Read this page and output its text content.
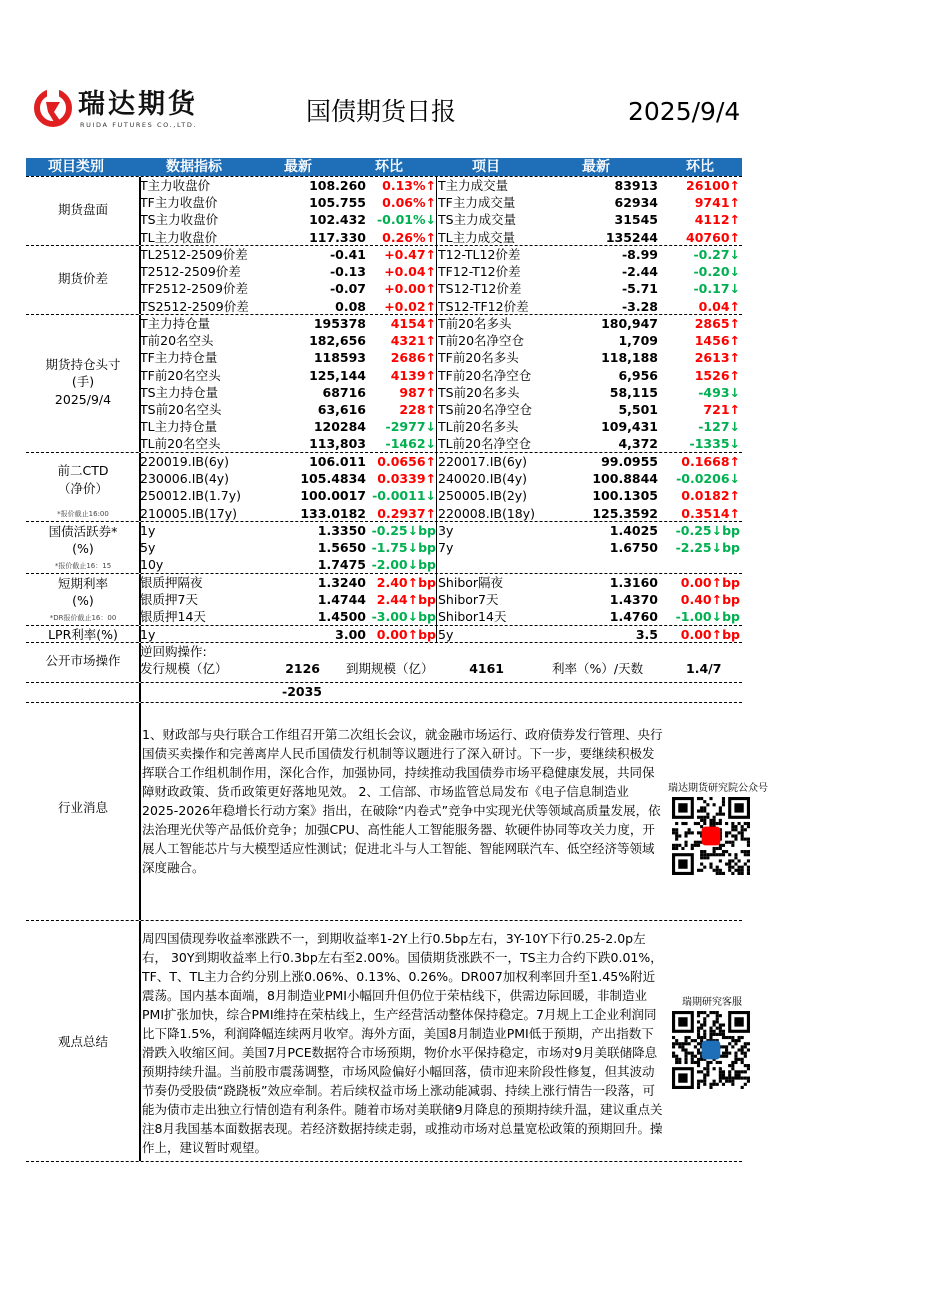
瑞达期货
RUIDA FUTURES CO.,LTD.	国债期货日报	2025/9/4
项目类别	数据指标	最新	环比	项目	最新	环比
期货盘面
T主力收盘价	108.260	0.13%↑ T主力成交量	83913	26100↑
TF主力收盘价	105.755	0.06%↑ TF主力成交量	62934	9741↑
TS主力收盘价	102.432 -0.01%↓ TS主力成交量	31545	4112↑
TL主力收盘价	117.330	0.26%↑ TL主力成交量	135244	40760↑
期货价差
TL2512-2509价差	-0.41	+0.47↑ T12-TL12价差	-8.99	-0.27↓
T2512-2509价差	-0.13	+0.04↑ TF12-T12价差	-2.44	-0.20↓
TF2512-2509价差	-0.07	+0.00↑ TS12-T12价差	-5.71	-0.17↓
TS2512-2509价差	0.08	+0.02↑ TS12-TF12价差	-3.28	0.04↑
期货持仓头寸
(手)
2025/9/4
T主力持仓量	195378	4154↑ T前20名多头	180,947	2865↑
T前20名空头	182,656	4321↑ T前20名净空仓	1,709	1456↑
TF主力持仓量	118593	2686↑ TF前20名多头	118,188	2613↑
TF前20名空头	125,144	4139↑ TF前20名净空仓	6,956	1526↑
TS主力持仓量	68716	987↑ TS前20名多头	58,115	-493↓
TS前20名空头	63,616	228↑ TS前20名净空仓	5,501	721↑
TL主力持仓量	120284	-2977↓ TL前20名多头	109,431	-127↓
TL前20名空头	113,803	-1462↓ TL前20名净空仓	4,372	-1335↓
前二CTD
（净价）
*报价截止16:00
220019.IB(6y)	106.011 0.0656↑ 220017.IB(6y)	99.0955	0.1668↑
230006.IB(4y)	105.4834 0.0339↑ 240020.IB(4y)	100.8844	-0.0206↓
250012.IB(1.7y)	100.0017 -0.0011↓ 250005.IB(2y)	100.1305	0.0182↑
210005.IB(17y)	133.0182 0.2937↑ 220008.IB(18y)	125.3592	0.3514↑
国债活跃券*
(%)
*报价截止16：15
1y	1.3350 -0.25↓bp 3y	1.4025	-0.25↓bp
5y	1.5650 -1.75↓bp 7y	1.6750	-2.25↓bp
10y	1.7475 -2.00↓bp
短期利率
(%)
*DR报价截止16：00
银质押隔夜	1.3240 2.40↑bp Shibor隔夜	1.3160	0.00↑bp
银质押7天	1.4744 2.44↑bp Shibor7天	1.4370	0.40↑bp
银质押14天	1.4500 -3.00↓bp Shibor14天	1.4760	-1.00↓bp
LPR利率(%)	1y	3.00 0.00↑bp 5y	3.5	0.00↑bp
公开市场操作
逆回购操作:
发行规模（亿）	2126 到期规模（亿）	4161	利率（%）/天数	1.4/7
-2035
行业消息
1、财政部与央行联合工作组召开第二次组长会议，就金融市场运行、政府债券发行管理、央行国债买卖操作和完善离岸人民币国债发行机制等议题进行了深入研讨。下一步，要继续积极发挥联合工作组机制作用，深化合作，加强协同，持续推动我国债券市场平稳健康发展，共同保障财政政策、货币政策更好落地见效。 2、工信部、市场监管总局发布《电子信息制造业2025-2026年稳增长行动方案》指出，在破除“内卷式”竞争中实现光伏等领域高质量发展，依法治理光伏等产品低价竞争；加强CPU、高性能人工智能服务器、软硬件协同等攻关力度，开展人工智能芯片与大模型适应性测试；促进北斗与人工智能、智能网联汽车、低空经济等领域深度融合。
瑞达期货研究院公众号
观点总结
周四国债现券收益率涨跌不一，到期收益率1-2Y上行0.5bp左右，3Y-10Y下行0.25-2.0p左右， 30Y到期收益率上行0.3bp左右至2.00%。国债期货涨跌不一，TS主力合约下跌0.01%，TF、T、TL主力合约分别上涨0.06%、0.13%、0.26%。DR007加权利率回升至1.45%附近震荡。国内基本面端，8月制造业PMI小幅回升但仍位于荣枯线下，供需边际回暖，非制造业PMI扩张加快，综合PMI维持在荣枯线上，生产经营活动整体保持稳定。7月规上工企业利润同比下降1.5%，利润降幅连续两月收窄。海外方面，美国8月制造业PMI低于预期，产出指数下滑跌入收缩区间。美国7月PCE数据符合市场预期，物价水平保持稳定，市场对9月美联储降息预期持续升温。当前股市震荡调整，市场风险偏好小幅回落，债市迎来阶段性修复，但其波动节奏仍受股债“跷跷板”效应牵制。若后续权益市场上涨动能减弱、持续上涨行情告一段落，可能为债市走出独立行情创造有利条件。随着市场对美联储9月降息的预期持续升温，建议重点关注8月我国基本面数据表现。若经济数据持续走弱，或推动市场对总量宽松政策的预期回升。操作上，建议暂时观望。
瑞期研究客服
